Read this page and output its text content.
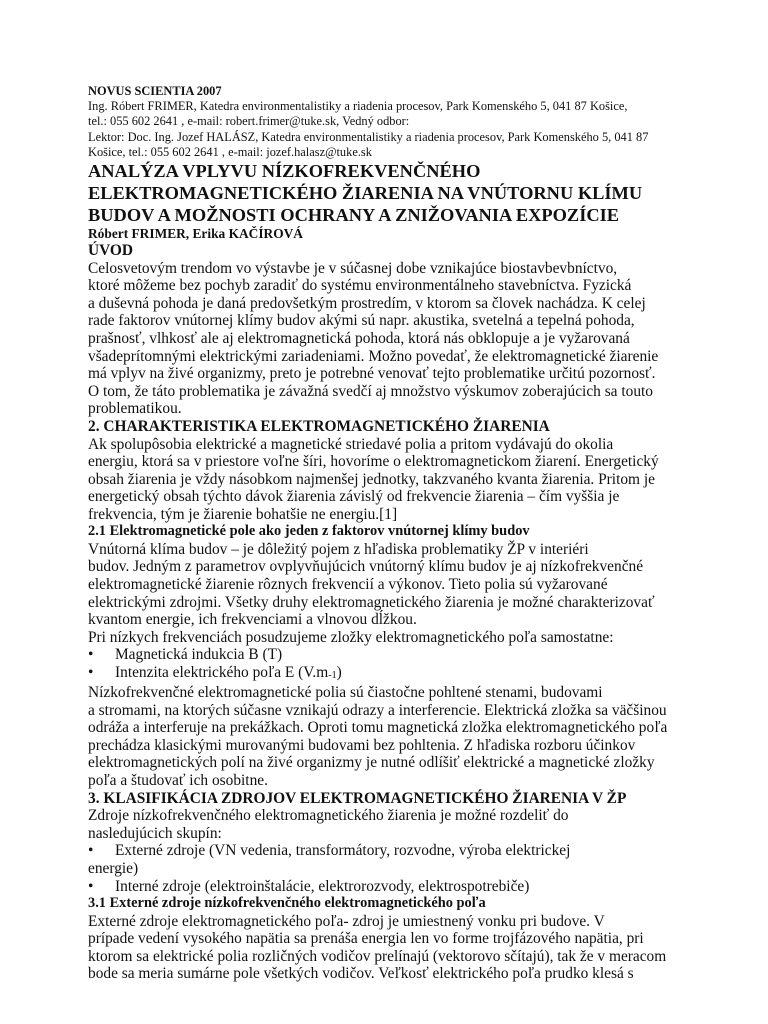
NOVUS SCIENTIA 2007

Ing. Róbert FRIMER, Katedra environmentalistiky a riadenia procesov, Park Komenského 5, 041 87 Košice,

tel.: 055 602 2641 , e-mail: robert.frimer@tuke.sk, Vedný odbor:

Lektor: Doc. Ing. Jozef HALÁSZ, Katedra environmentalistiky a riadenia procesov, Park Komenského 5, 041 87

Košice, tel.: 055 602 2641 , e-mail: jozef.halasz@tuke.sk

ANALÝZA VPLYVU NÍZKOFREKVENČNÉHO

ELEKTROMAGNETICKÉHO ŽIARENIA NA VNÚTORNU KLÍMU

BUDOV A MOŽNOSTI OCHRANY A ZNIŽOVANIA EXPOZÍCIE

Róbert FRIMER, Erika KAČÍROVÁ

ÚVOD

Celosvetovým trendom vo výstavbe je v súčasnej dobe vznikajúce biostavbevbníctvo,
ktoré môžeme bez pochyb zaradiť do systému environmentálneho stavebníctva. Fyzická
a duševná pohoda je daná predovšetkým prostredím, v ktorom sa človek nachádza. K celej
rade faktorov vnútornej klímy budov akými sú napr. akustika, svetelná a tepelná pohoda,
prašnosť, vlhkosť ale aj elektromagnetická pohoda, ktorá nás obklopuje a je vyžarovaná
všadeprítomnými elektrickými zariadeniami. Možno povedať, že elektromagnetické žiarenie
má vplyv na živé organizmy, preto je potrebné venovať tejto problematike určitú pozornosť.
O tom, že táto problematika je závažná svedčí aj množstvo výskumov zoberajúcich sa touto
problematikou.

2. CHARAKTERISTIKA ELEKTROMAGNETICKÉHO ŽIARENIA

Ak spolupôsobia elektrické a magnetické striedavé polia a pritom vydávajú do okolia
energiu, ktorá sa v priestore voľne šíri, hovoríme o elektromagnetickom žiarení. Energetický
obsah žiarenia je vždy násobkom najmenšej jednotky, takzvaného kvanta žiarenia. Pritom je
energetický obsah týchto dávok žiarenia závislý od frekvencie žiarenia – čím vyššia je
frekvencia, tým je žiarenie bohatšie ne energiu.[1]

2.1 Elektromagnetické pole ako jeden z faktorov vnútornej klímy budov

Vnútorná klíma budov – je dôležitý pojem z hľadiska problematiky ŽP v interiéri
budov. Jedným z parametrov ovplyvňujúcich vnútorný klímu budov je aj nízkofrekvenčné
elektromagnetické žiarenie rôznych frekvencií a výkonov. Tieto polia sú vyžarované
elektrickými zdrojmi. Všetky druhy elektromagnetického žiarenia je možné charakterizovať
kvantom energie, ich frekvenciami a vlnovou dĺžkou.
Pri nízkych frekvenciách posudzujeme zložky elektromagnetického poľa samostatne:

• Magnetická indukcia B (T)
• Intenzita elektrického poľa E $(V.m_{-1})$

Nízkofrekvenčné elektromagnetické polia sú čiastočne pohltené stenami, budovami
a stromami, na ktorých súčasne vznikajú odrazy a interferencie. Elektrická zložka sa väčšinou
odráža a interferuje na prekážkach. Oproti tomu magnetická zložka elektromagnetického poľa
prechádza klasickými murovanými budovami bez pohltenia. Z hľadiska rozboru účinkov
elektromagnetických polí na živé organizmy je nutné odlíšiť elektrické a magnetické zložky
poľa a študovať ich osobitne.

3. KLASIFIKÁCIA ZDROJOV ELEKTROMAGNETICKÉHO ŽIARENIA V ŽP

Zdroje nízkofrekvenčného elektromagnetického žiarenia je možné rozdeliť do
nasledujúcich skupín:

• Externé zdroje (VN vedenia, transformátory, rozvodne, výroba elektrickej
energie)
• Interné zdroje (elektroinštalácie, elektrorozvody, elektrospotrebiče)

3.1 Externé zdroje nízkofrekvenčného elektromagnetického poľa

Externé zdroje elektromagnetického poľa- zdroj je umiestnený vonku pri budove. V
prípade vedení vysokého napätia sa prenáša energia len vo forme trojfázového napätia, pri
ktorom sa elektrické polia rozličných vodičov prelínajú (vektorovo sčítajú), tak že v meracom
bode sa meria sumárne pole všetkých vodičov. Veľkosť elektrického poľa prudko klesá s
